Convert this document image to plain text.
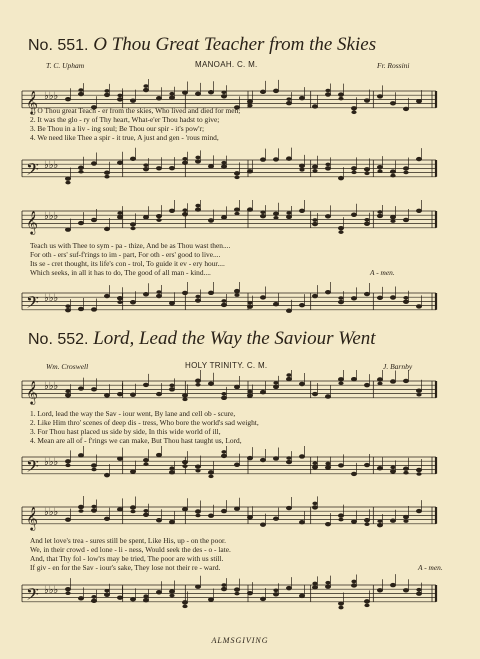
No. 551. O Thou Great Teacher from the Skies
T. C. Upham	MANOAH. C. M.	Fr. Rossini
𝄞 ♭♭♭
1. O Thou great Teach - er from the skies, Who lived and died for men;
2. It was the glo - ry of Thy heart, What-e'er Thou hadst to give;
3. Be Thou in a liv - ing soul; Be Thou our spir - it's pow'r;
4. We need like Thee a spir - it true, A just and gen - 'rous mind,
𝄢 ♭♭♭
𝄞 ♭♭♭
Teach us with Thee to sym - pa - thize, And be as Thou wast then....
For oth - ers' suf-f'rings to im - part, For oth - ers' good to live....
Its se - cret thought, its life's con - trol, To guide it ev - ery hour....
Which seeks, in all it has to do, The good of all man - kind....	A - men.
𝄢 ♭♭♭
No. 552. Lord, Lead the Way the Saviour Went
Wm. Croswell	HOLY TRINITY. C. M.	J. Barnby
𝄞 ♭♭♭
1. Lord, lead the way the Sav - iour went, By lane and cell ob - scure,
2. Like Him thro' scenes of deep dis - tress, Who bore the world's sad weight,
3. For Thou hast placed us side by side, In this wide world of ill,
4. Mean are all of - f'rings we can make, But Thou hast taught us, Lord,
𝄢 ♭♭♭
𝄞 ♭♭♭
And let love's trea - sures still be spent, Like His, up - on the poor.
We, in their crowd - ed lone - li - ness, Would seek the des - o - late.
And, that Thy fol - low'rs may be tried, The poor are with us still.
If giv - en for the Sav - iour's sake, They lose not their re - ward.	A - men.
𝄢 ♭♭♭
ALMSGIVING
